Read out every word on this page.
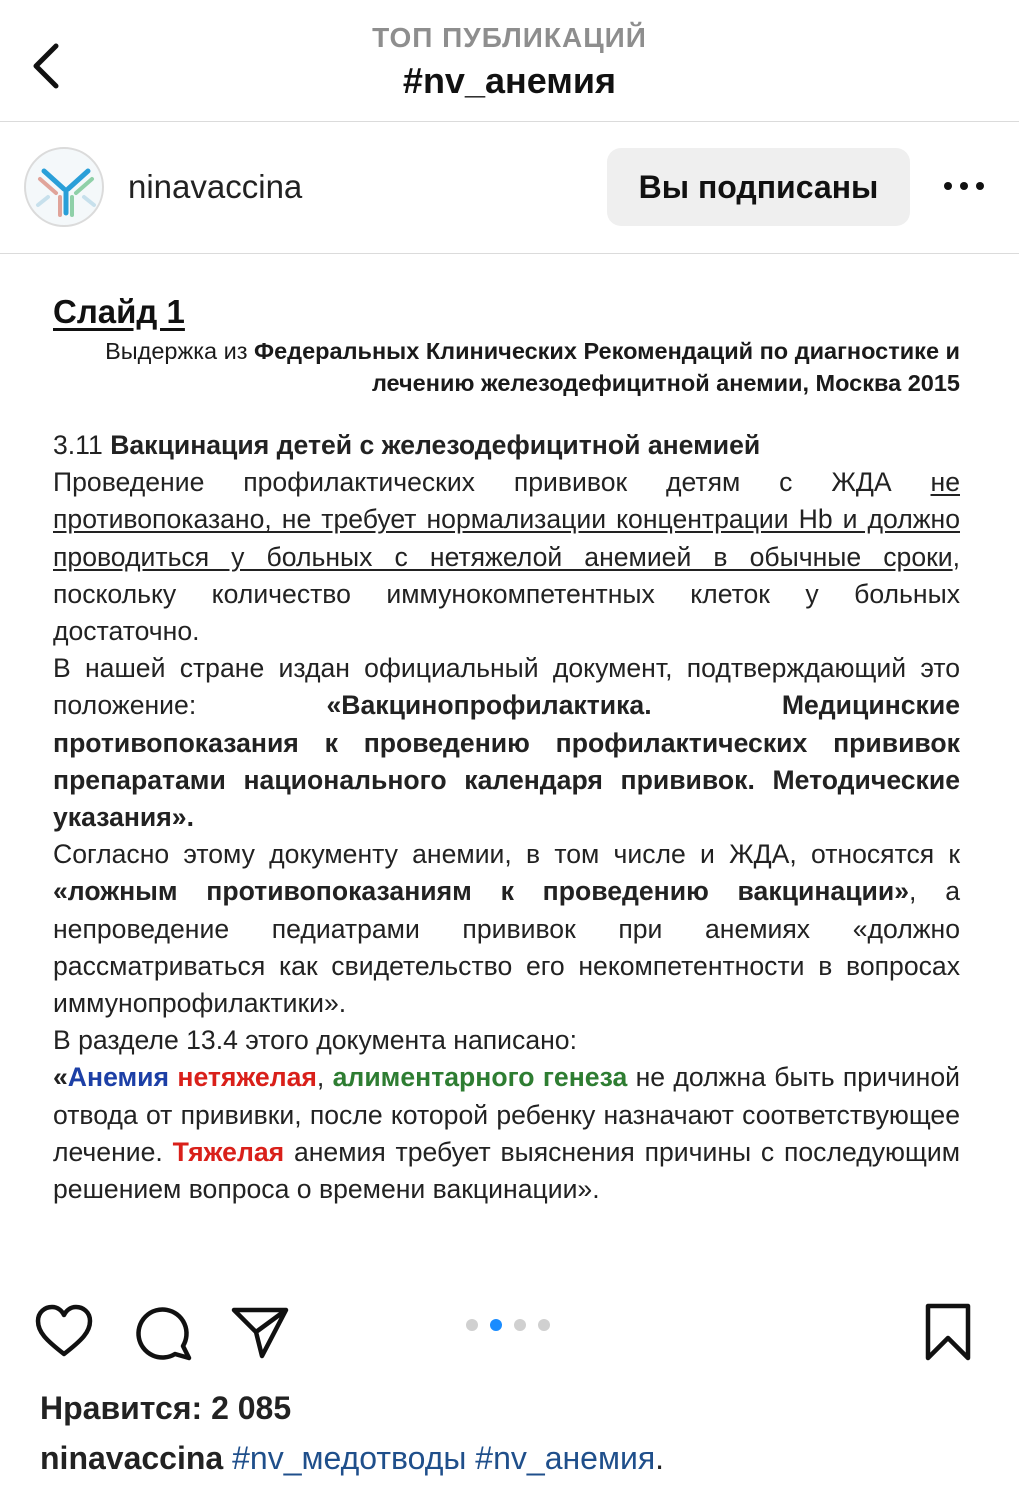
ТОП ПУБЛИКАЦИЙ
#nv_анемия
ninavaccina	Вы подписаны
Слайд 1
Выдержка из Федеральных Клинических Рекомендаций по диагностике и лечению железодефицитной анемии, Москва 2015
3.11 Вакцинация детей с железодефицитной анемией
Проведение профилактических прививок детям с ЖДА не противопоказано, не требует нормализации концентрации Hb и должно проводиться у больных с нетяжелой анемией в обычные сроки, поскольку количество иммунокомпетентных клеток у больных достаточно.
В нашей стране издан официальный документ, подтверждающий это положение: «Вакцинопрофилактика. Медицинские противопоказания к проведению профилактических прививок препаратами национального календаря прививок. Методические указания».
Согласно этому документу анемии, в том числе и ЖДА, относятся к «ложным противопоказаниям к проведению вакцинации», а непроведение педиатрами прививок при анемиях «должно рассматриваться как свидетельство его некомпетентности в вопросах иммунопрофилактики».
В разделе 13.4 этого документа написано:
«Анемия нетяжелая, алиментарного генеза не должна быть причиной отвода от прививки, после которой ребенку назначают соответствующее лечение. Тяжелая анемия требует выяснения причины с последующим решением вопроса о времени вакцинации».
Нравится: 2 085
ninavaccina #nv_медотводы #nv_анемия.
